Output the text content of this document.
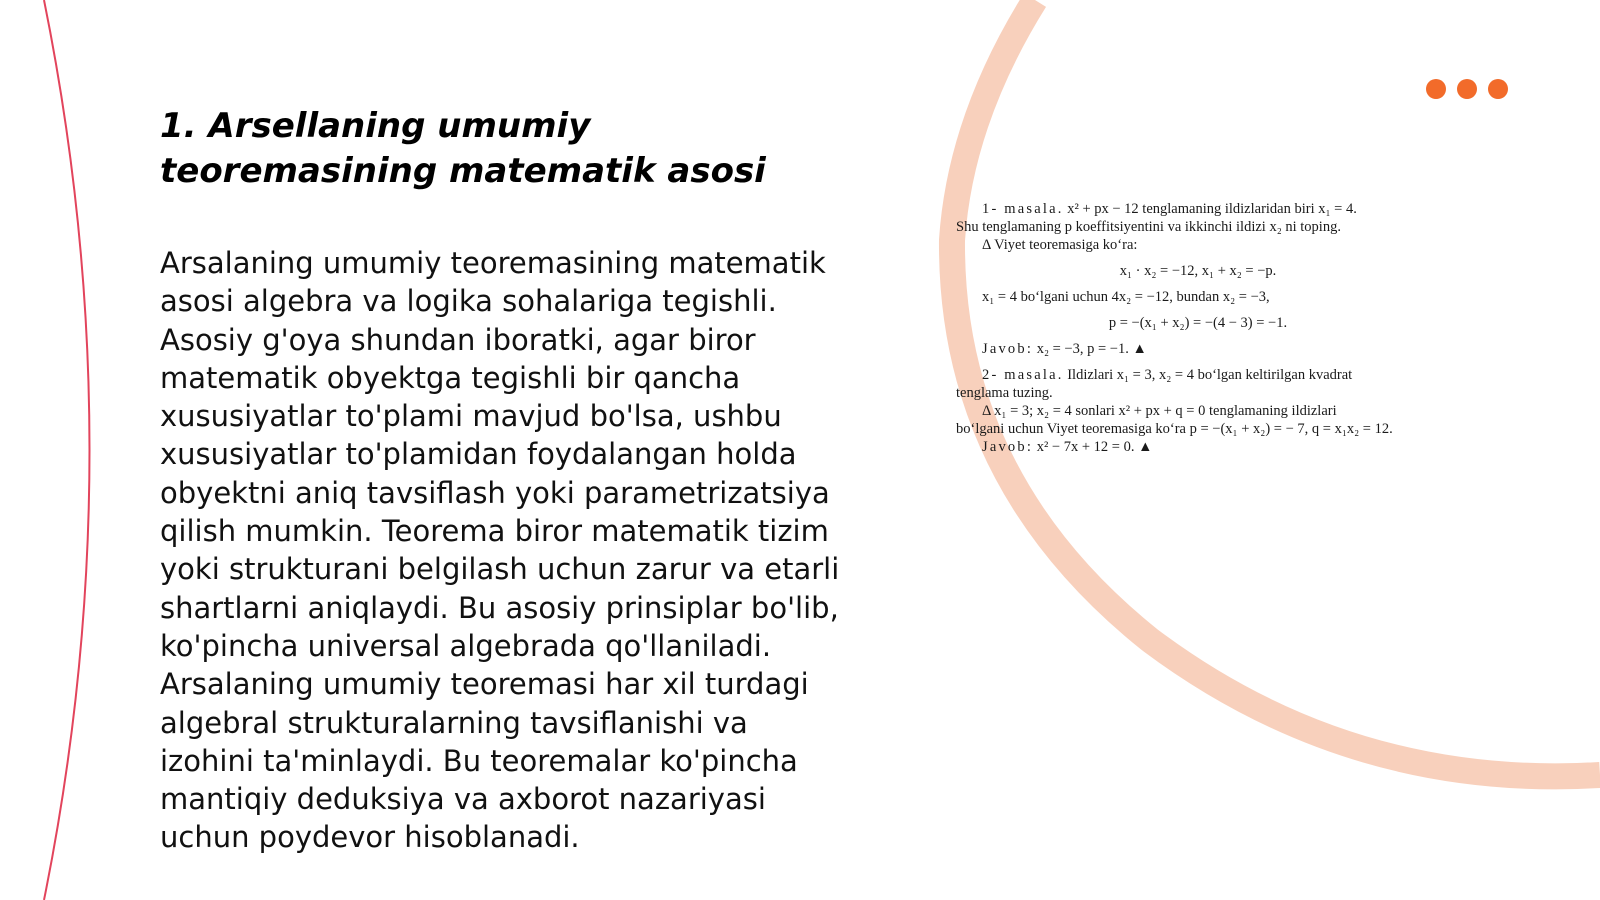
1. Arsellaning umumiy teoremasining matematik asosi

Arsalaning umumiy teoremasining matematik asosi algebra va logika sohalariga tegishli. Asosiy g'oya shundan iboratki, agar biror matematik obyektga tegishli bir qancha xususiyatlar to'plami mavjud bo'lsa, ushbu xususiyatlar to'plamidan foydalangan holda obyektni aniq tavsiflash yoki parametrizatsiya qilish mumkin. Teorema biror matematik tizim yoki strukturani belgilash uchun zarur va etarli shartlarni aniqlaydi. Bu asosiy prinsiplar bo'lib, ko'pincha universal algebrada qo'llaniladi. Arsalaning umumiy teoremasi har xil turdagi algebral strukturalarning tavsiflanishi va izohini ta'minlaydi. Bu teoremalar ko'pincha mantiqiy deduksiya va axborot nazariyasi uchun poydevor hisoblanadi.

1- masala. x² + px − 12 tenglamaning ildizlaridan biri x₁ = 4.
Shu tenglamaning p koeffitsiyentini va ikkinchi ildizi x₂ ni toping.
Δ Viyet teoremasiga ko‘ra:
x₁ · x₂ = −12, x₁ + x₂ = −p.
x₁ = 4 bo‘lgani uchun 4x₂ = −12, bundan x₂ = −3,
p = −(x₁ + x₂) = −(4 − 3) = −1.
Javob: x₂ = −3, p = −1. ▲
2- masala. Ildizlari x₁ = 3, x₂ = 4 bo‘lgan keltirilgan kvadrat
tenglama tuzing.
Δ x₁ = 3; x₂ = 4 sonlari x² + px + q = 0 tenglamaning ildizlari
bo‘lgani uchun Viyet teoremasiga ko‘ra p = −(x₁ + x₂) = − 7, q = x₁x₂ = 12.
Javob: x² − 7x + 12 = 0. ▲
